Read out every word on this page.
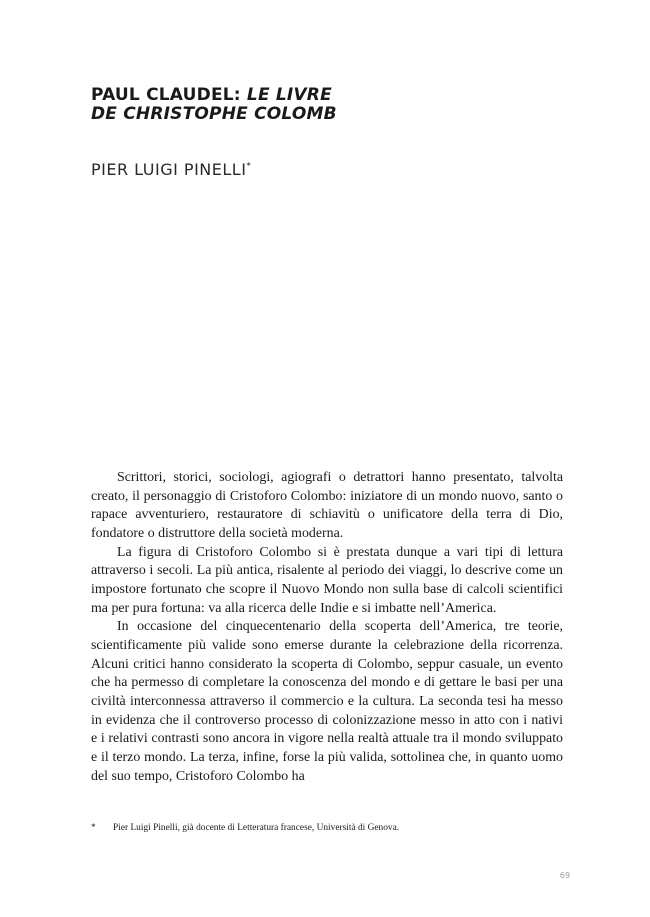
PAUL CLAUDEL: LE LIVRE
DE CHRISTOPHE COLOMB
PIER LUIGI PINELLI*

Scrittori, storici, sociologi, agiografi o detrattori hanno presentato, talvolta creato, il personaggio di Cristoforo Colombo: iniziatore di un mondo nuovo, santo o rapace avventuriero, restauratore di schiavitù o unificatore della terra di Dio, fondatore o distruttore della società moderna.

La figura di Cristoforo Colombo si è prestata dunque a vari tipi di lettura attraverso i secoli. La più antica, risalente al periodo dei viaggi, lo descrive come un impostore fortunato che scopre il Nuovo Mondo non sulla base di calcoli scientifici ma per pura fortuna: va alla ricerca delle Indie e si imbatte nell’America.

In occasione del cinquecentenario della scoperta dell’America, tre teorie, scientificamente più valide sono emerse durante la celebrazione della ricorrenza. Alcuni critici hanno considerato la scoperta di Colombo, seppur casuale, un evento che ha permesso di completare la conoscenza del mondo e di gettare le basi per una civiltà interconnessa attraverso il commercio e la cultura. La seconda tesi ha messo in evidenza che il controverso processo di colonizzazione messo in atto con i nativi e i relativi contrasti sono ancora in vigore nella realtà attuale tra il mondo sviluppato e il terzo mondo. La terza, infine, forse la più valida, sottolinea che, in quanto uomo del suo tempo, Cristoforo Colombo ha

* Pier Luigi Pinelli, già docente di Letteratura francese, Università di Genova.
69
